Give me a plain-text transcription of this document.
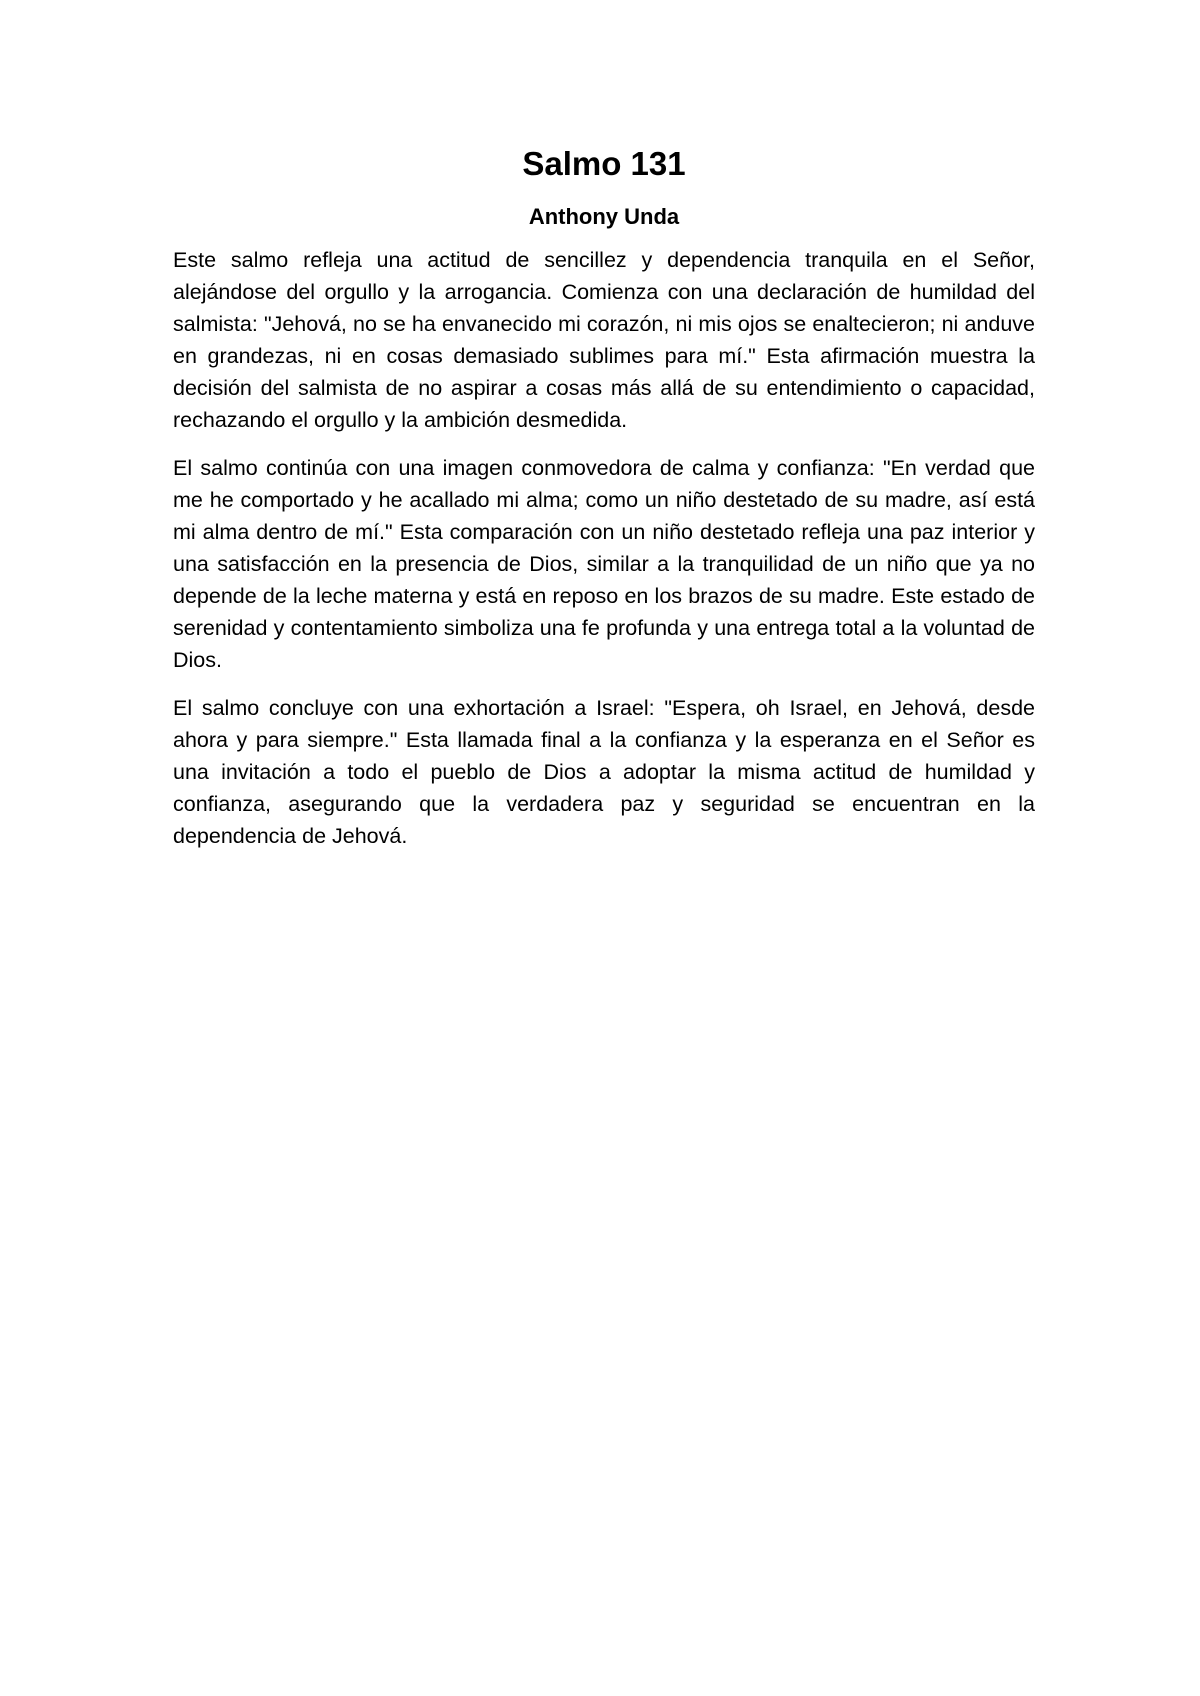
Salmo 131
Anthony Unda

Este salmo refleja una actitud de sencillez y dependencia tranquila en el Señor, alejándose del orgullo y la arrogancia. Comienza con una declaración de humildad del salmista: "Jehová, no se ha envanecido mi corazón, ni mis ojos se enaltecieron; ni anduve en grandezas, ni en cosas demasiado sublimes para mí." Esta afirmación muestra la decisión del salmista de no aspirar a cosas más allá de su entendimiento o capacidad, rechazando el orgullo y la ambición desmedida.

El salmo continúa con una imagen conmovedora de calma y confianza: "En verdad que me he comportado y he acallado mi alma; como un niño destetado de su madre, así está mi alma dentro de mí." Esta comparación con un niño destetado refleja una paz interior y una satisfacción en la presencia de Dios, similar a la tranquilidad de un niño que ya no depende de la leche materna y está en reposo en los brazos de su madre. Este estado de serenidad y contentamiento simboliza una fe profunda y una entrega total a la voluntad de Dios.

El salmo concluye con una exhortación a Israel: "Espera, oh Israel, en Jehová, desde ahora y para siempre." Esta llamada final a la confianza y la esperanza en el Señor es una invitación a todo el pueblo de Dios a adoptar la misma actitud de humildad y confianza, asegurando que la verdadera paz y seguridad se encuentran en la dependencia de Jehová.
